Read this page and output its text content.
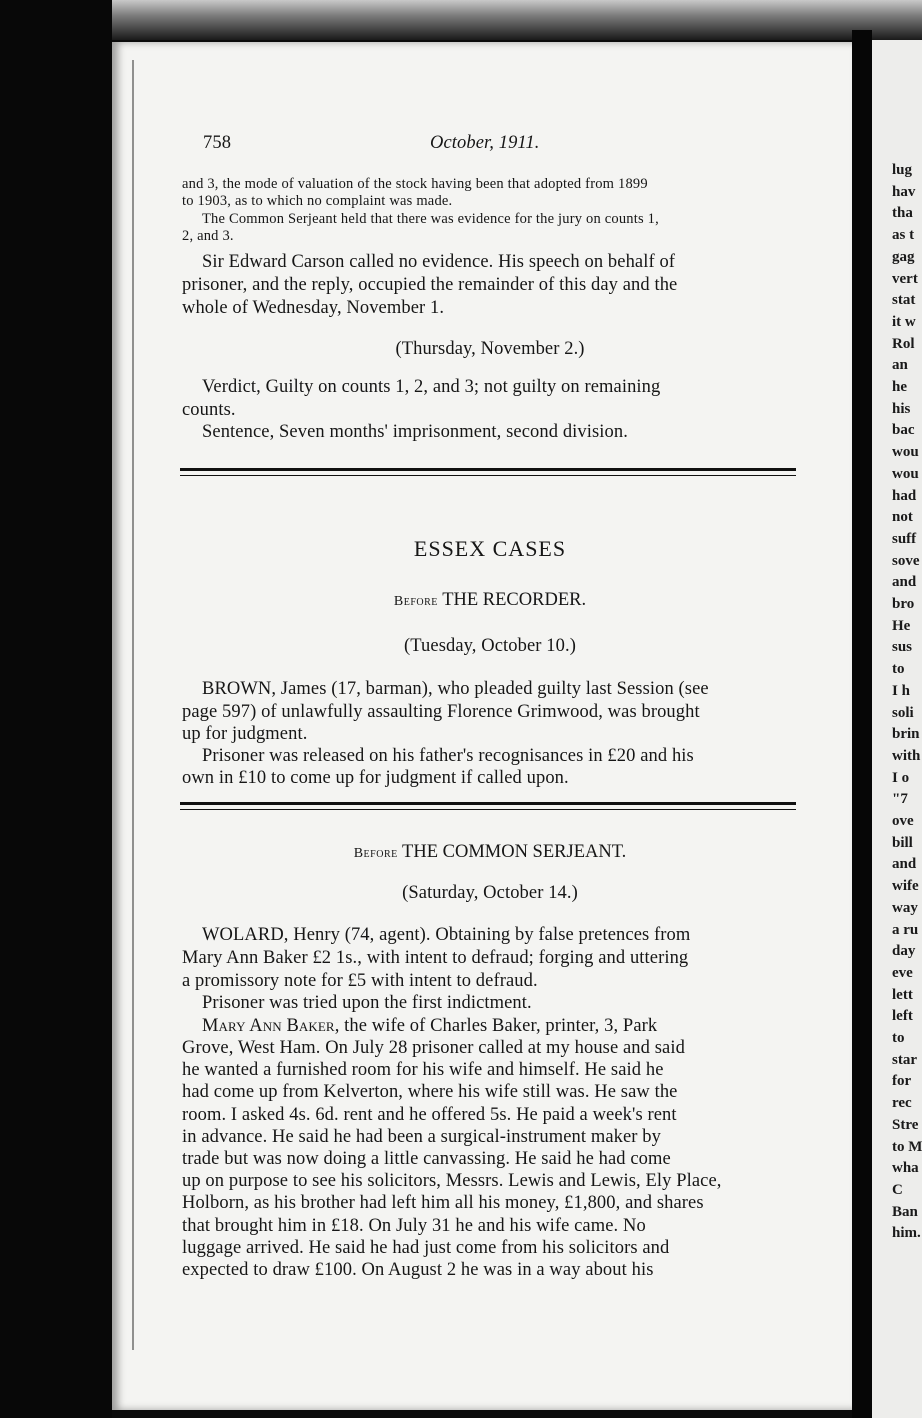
lug
hav
tha
as t
gag
vert
stat
it w
Rol
an
he
his
bac
wou
wou
had
not
suff
sove
and
bro
He
sus
to
I h
soli
brin
with
I o
"7
ove
bill
and
wife
way
a ru
day
eve
lett
left
to
star
for
rec
Stre
to M
wha
C
Ban
him.
758	October, 1911.
and 3, the mode of valuation of the stock having been that adopted from 1899
to 1903, as to which no complaint was made.
The Common Serjeant held that there was evidence for the jury on counts 1,
2, and 3.
Sir Edward Carson called no evidence. His speech on behalf of
prisoner, and the reply, occupied the remainder of this day and the
whole of Wednesday, November 1.
(Thursday, November 2.)
Verdict, Guilty on counts 1, 2, and 3; not guilty on remaining
counts.
Sentence, Seven months' imprisonment, second division.
ESSEX CASES
Before THE RECORDER.
(Tuesday, October 10.)
BROWN, James (17, barman), who pleaded guilty last Session (see
page 597) of unlawfully assaulting Florence Grimwood, was brought
up for judgment.
Prisoner was released on his father's recognisances in £20 and his
own in £10 to come up for judgment if called upon.
Before THE COMMON SERJEANT.
(Saturday, October 14.)
WOLARD, Henry (74, agent). Obtaining by false pretences from
Mary Ann Baker £2 1s., with intent to defraud; forging and uttering
a promissory note for £5 with intent to defraud.
Prisoner was tried upon the first indictment.
Mary Ann Baker, the wife of Charles Baker, printer, 3, Park
Grove, West Ham. On July 28 prisoner called at my house and said
he wanted a furnished room for his wife and himself. He said he
had come up from Kelverton, where his wife still was. He saw the
room. I asked 4s. 6d. rent and he offered 5s. He paid a week's rent
in advance. He said he had been a surgical-instrument maker by
trade but was now doing a little canvassing. He said he had come
up on purpose to see his solicitors, Messrs. Lewis and Lewis, Ely Place,
Holborn, as his brother had left him all his money, £1,800, and shares
that brought him in £18. On July 31 he and his wife came. No
luggage arrived. He said he had just come from his solicitors and
expected to draw £100. On August 2 he was in a way about his
